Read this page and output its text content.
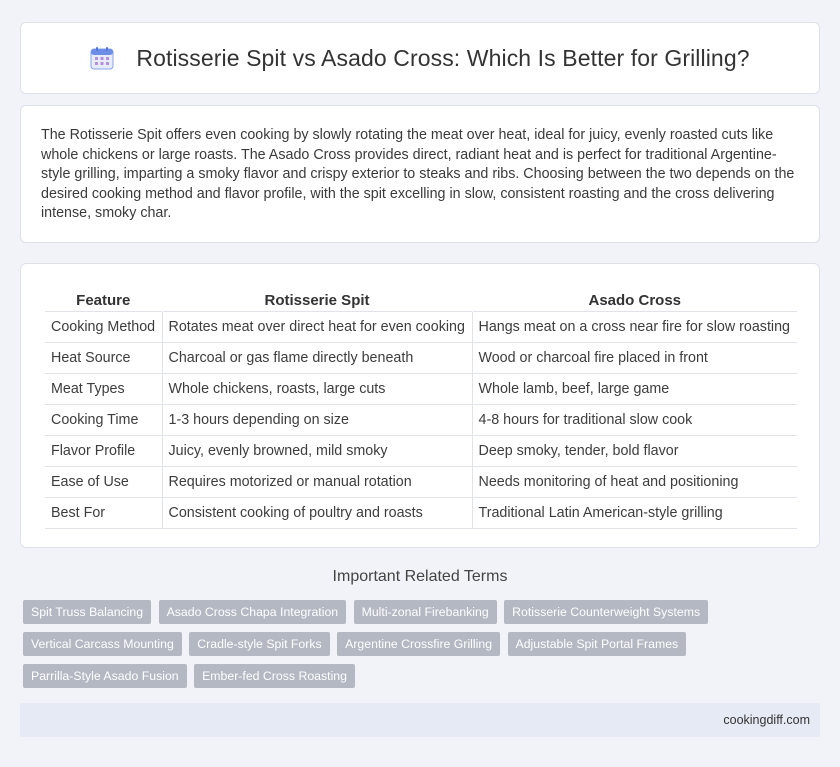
Rotisserie Spit vs Asado Cross: Which Is Better for Grilling?

The Rotisserie Spit offers even cooking by slowly rotating the meat over heat, ideal for juicy, evenly roasted cuts like whole chickens or large roasts. The Asado Cross provides direct, radiant heat and is perfect for traditional Argentine-style grilling, imparting a smoky flavor and crispy exterior to steaks and ribs. Choosing between the two depends on the desired cooking method and flavor profile, with the spit excelling in slow, consistent roasting and the cross delivering intense, smoky char.

Feature	Rotisserie Spit	Asado Cross
Cooking Method	Rotates meat over direct heat for even cooking	Hangs meat on a cross near fire for slow roasting
Heat Source	Charcoal or gas flame directly beneath	Wood or charcoal fire placed in front
Meat Types	Whole chickens, roasts, large cuts	Whole lamb, beef, large game
Cooking Time	1-3 hours depending on size	4-8 hours for traditional slow cook
Flavor Profile	Juicy, evenly browned, mild smoky	Deep smoky, tender, bold flavor
Ease of Use	Requires motorized or manual rotation	Needs monitoring of heat and positioning
Best For	Consistent cooking of poultry and roasts	Traditional Latin American-style grilling
Important Related Terms
Spit Truss Balancing Asado Cross Chapa Integration Multi-zonal Firebanking Rotisserie Counterweight Systems
Vertical Carcass Mounting Cradle-style Spit Forks Argentine Crossfire Grilling Adjustable Spit Portal Frames
Parrilla-Style Asado Fusion Ember-fed Cross Roasting
cookingdiff.com
